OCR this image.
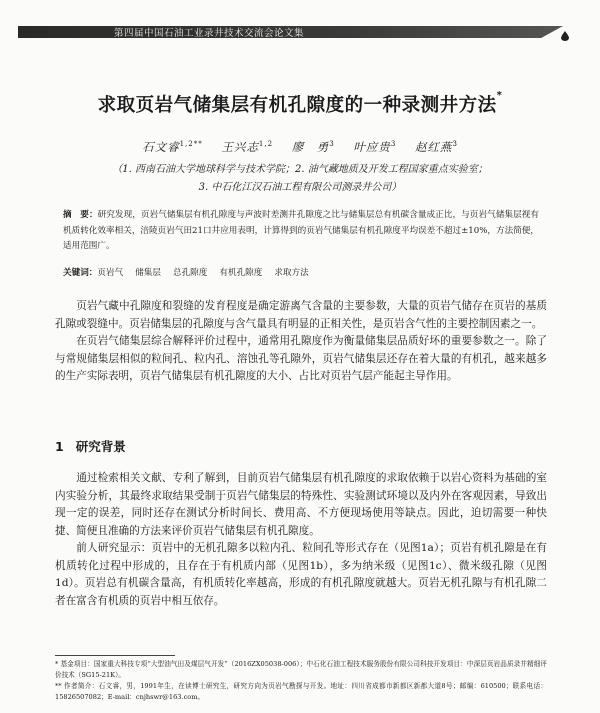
第四届中国石油工业录井技术交流会论文集
求取页岩气储集层有机孔隙度的一种录测井方法*
石文睿$^{1,2**}$ 王兴志$^{1,2}$ 廖　勇$^3$ 叶应贵$^3$ 赵红燕$^3$
（1. 西南石油大学地球科学与技术学院；2. 油气藏地质及开发工程国家重点实验室；
3. 中石化江汉石油工程有限公司测录井公司）
摘　要：研究发现，页岩气储集层有机孔隙度与声波时差测井孔隙度之比与储集层总有机碳含量成正比，与页岩气储集层视有机质转化效率相关，涪陵页岩气田21口井应用表明，计算得到的页岩气储集层有机孔隙度平均误差不超过±10%，方法简便，适用范围广。
关键词：页岩气 储集层 总孔隙度 有机孔隙度 求取方法

页岩气藏中孔隙度和裂缝的发育程度是确定游离气含量的主要参数，大量的页岩气储存在页岩的基质孔隙或裂缝中。页岩储集层的孔隙度与含气量具有明显的正相关性，是页岩含气性的主要控制因素之一。

在页岩气储集层综合解释评价过程中，通常用孔隙度作为衡量储集层品质好坏的重要参数之一。除了与常规储集层相似的粒间孔、粒内孔、溶蚀孔等孔隙外，页岩气储集层还存在着大量的有机孔，越来越多的生产实际表明，页岩气储集层有机孔隙度的大小、占比对页岩气层产能起主导作用。

1 研究背景

通过检索相关文献、专利了解到，目前页岩气储集层有机孔隙度的求取依赖于以岩心资料为基础的室内实验分析，其最终求取结果受制于页岩气储集层的特殊性、实验测试环境以及内外在客观因素，导致出现一定的误差，同时还存在测试分析时间长、费用高、不方便现场使用等缺点。因此，迫切需要一种快捷、简便且准确的方法来评价页岩气储集层有机孔隙度。

前人研究显示：页岩中的无机孔隙多以粒内孔、粒间孔等形式存在（见图1a）；页岩有机孔隙是在有机质转化过程中形成的，且存在于有机质内部（见图1b），多为纳米级（见图1c）、微米级孔隙（见图1d）。页岩总有机碳含量高，有机质转化率越高，形成的有机孔隙度就越大。页岩无机孔隙与有机孔隙二者在富含有机质的页岩中相互依存。

* 基金项目：国家重大科技专项“大型油气田及煤层气开发”（2016ZX05038-006）；中石化石油工程技术服务股份有限公司科技开发项目：中深层页岩品质录井精细评价技术（SG15-21K）。
** 作者简介：石文睿，男，1991年生，在读博士研究生，研究方向为页岩气勘探与开发。地址：四川省成都市新都区新都大道8号；邮编：610500；联系电话：15826507082；E-mail：cnjhswr@163.com。
